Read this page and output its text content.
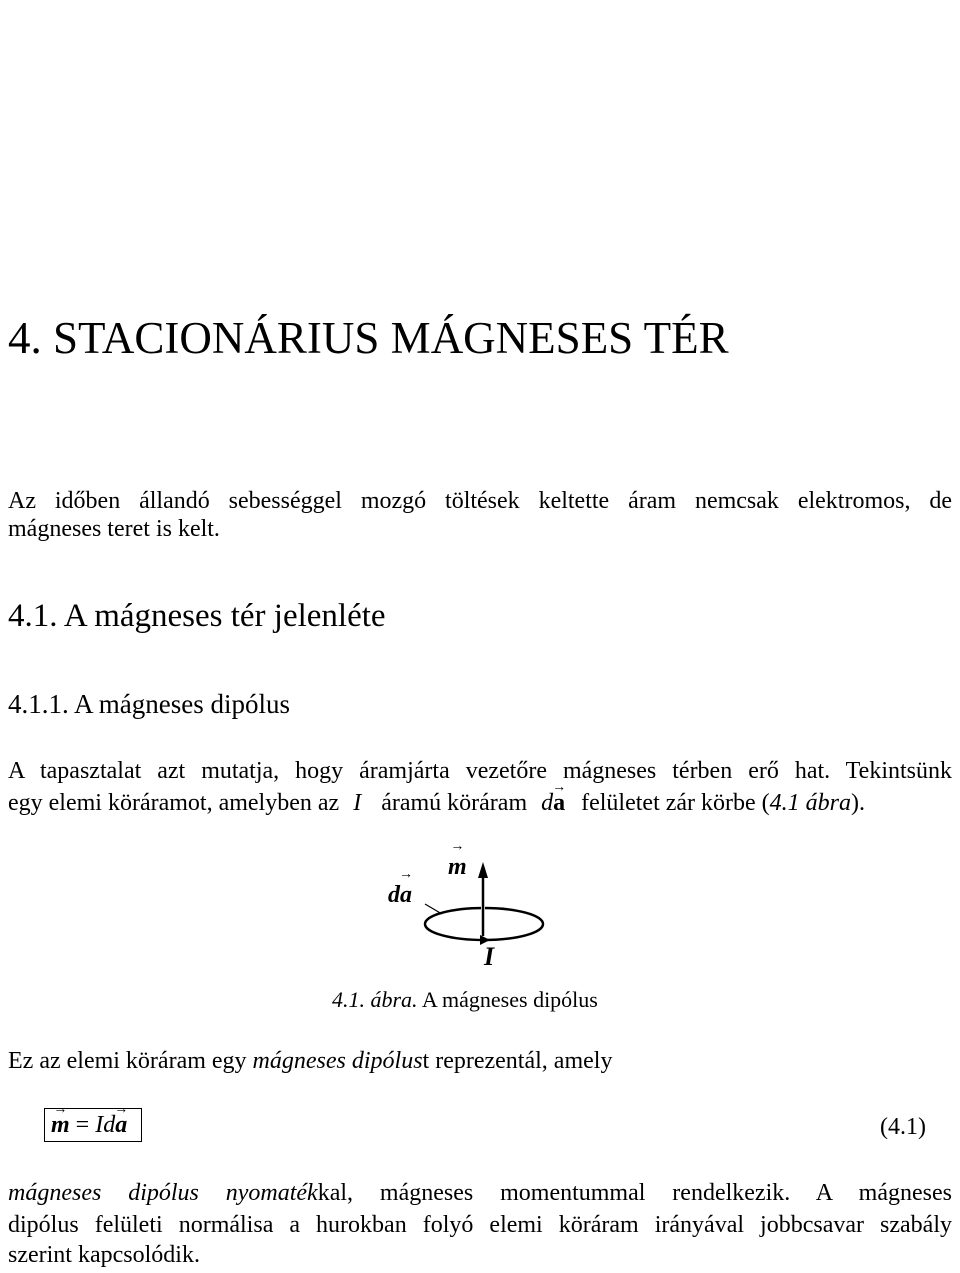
4. STACIONÁRIUS MÁGNESES TÉR
Az időben állandó sebességgel mozgó töltések keltette áram nemcsak elektromos, de
mágneses teret is kelt.
4.1. A mágneses tér jelenléte
4.1.1. A mágneses dipólus
A tapasztalat azt mutatja, hogy áramjárta vezetőre mágneses térben erő hat. Tekintsünk
egy elemi köráramot, amelyben az I áramú köráram d→ a felületet zár körbe (4.1 ábra).
d→ a
→ m
I
4.1. ábra. A mágneses dipólus
Ez az elemi köráram egy mágneses dipólust reprezentál, amely
→ m = Id→ a	(4.1)
mágneses dipólus nyomatékkal, mágneses momentummal rendelkezik. A mágneses
dipólus felületi normálisa a hurokban folyó elemi köráram irányával jobbcsavar szabály
szerint kapcsolódik.
